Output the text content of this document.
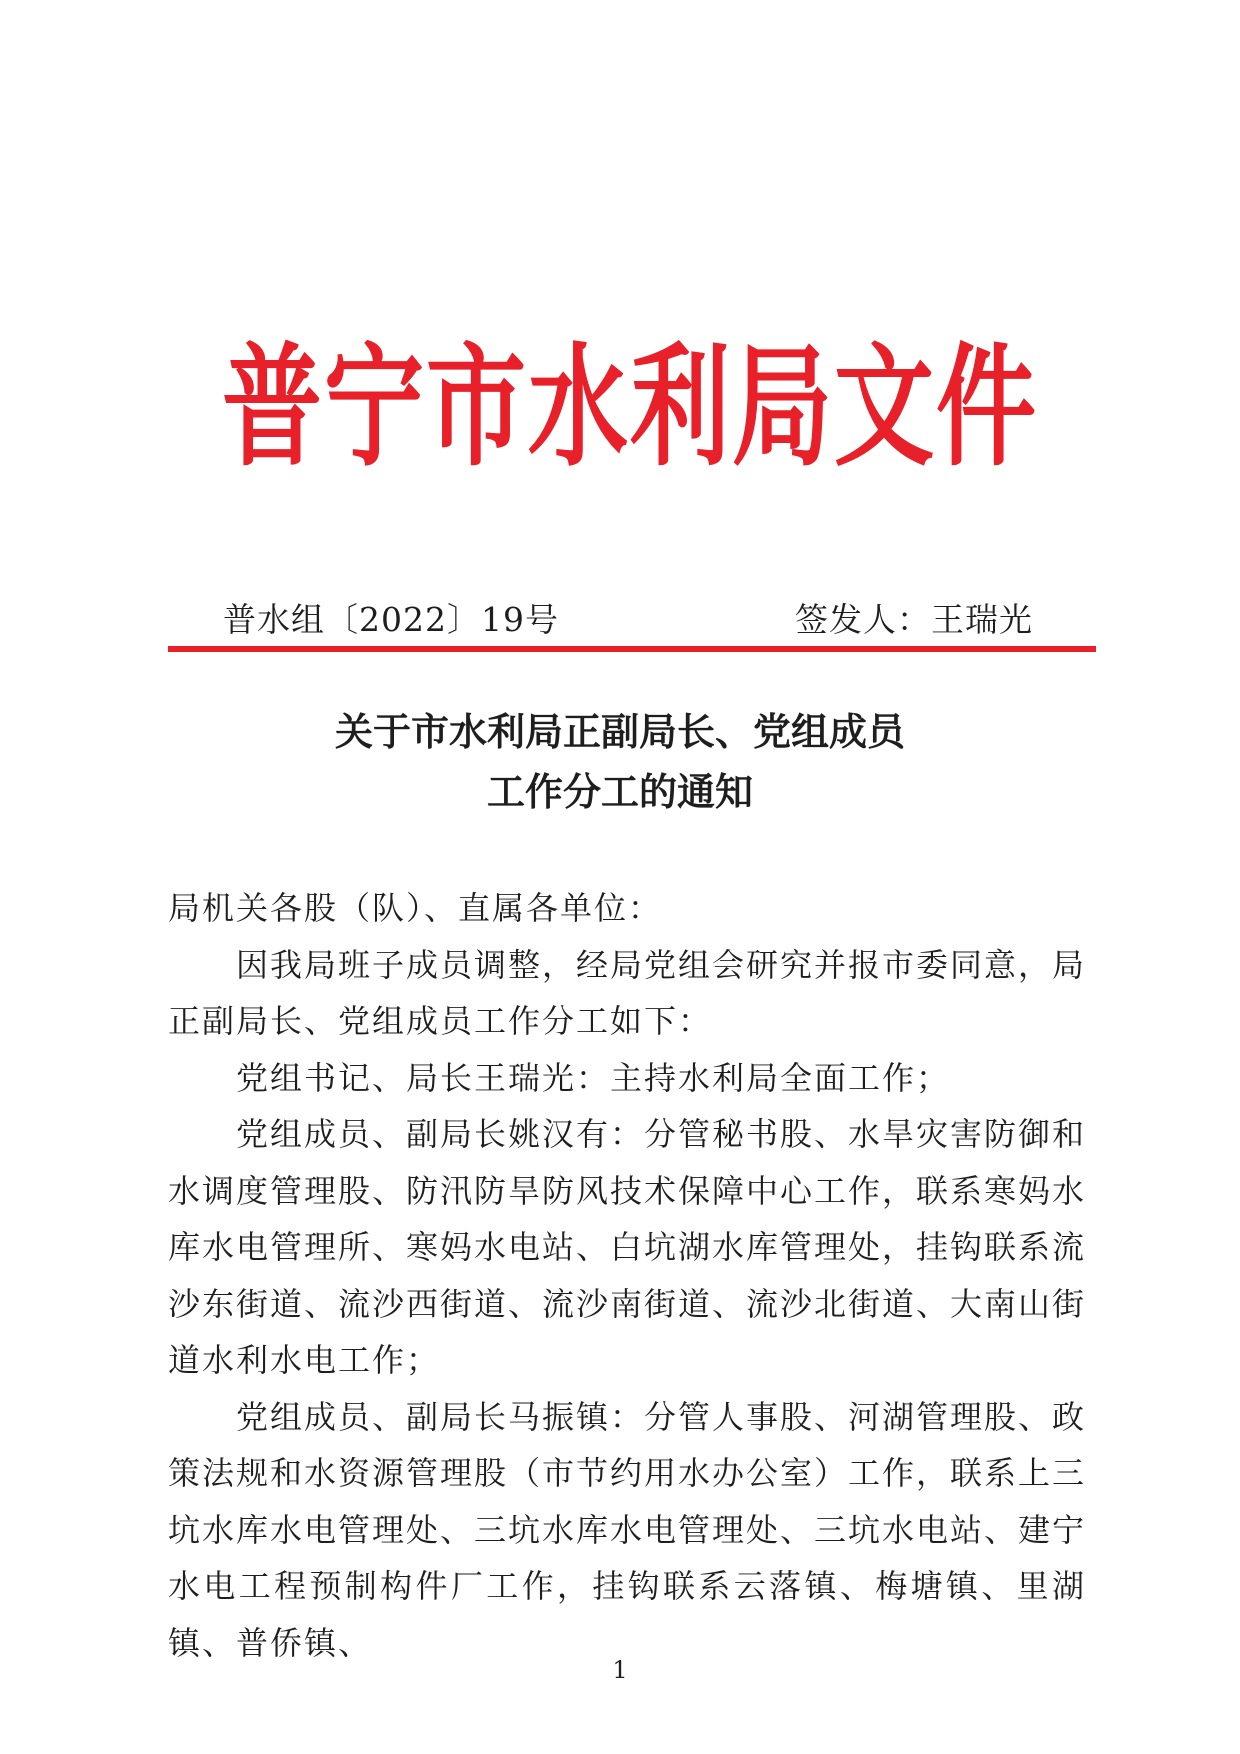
普宁市水利局文件
普水组〔2022〕19号	签发人：王瑞光
关于市水利局正副局长、党组成员
工作分工的通知

局机关各股（队）、直属各单位：

因我局班子成员调整，经局党组会研究并报市委同意，局正副局长、党组成员工作分工如下：

党组书记、局长王瑞光：主持水利局全面工作；

党组成员、副局长姚汉有：分管秘书股、水旱灾害防御和水调度管理股、防汛防旱防风技术保障中心工作，联系寒妈水库水电管理所、寒妈水电站、白坑湖水库管理处，挂钩联系流沙东街道、流沙西街道、流沙南街道、流沙北街道、大南山街道水利水电工作；

党组成员、副局长马振镇：分管人事股、河湖管理股、政策法规和水资源管理股（市节约用水办公室）工作，联系上三坑水库水电管理处、三坑水库水电管理处、三坑水电站、建宁水电工程预制构件厂工作，挂钩联系云落镇、梅塘镇、里湖镇、普侨镇、

1
